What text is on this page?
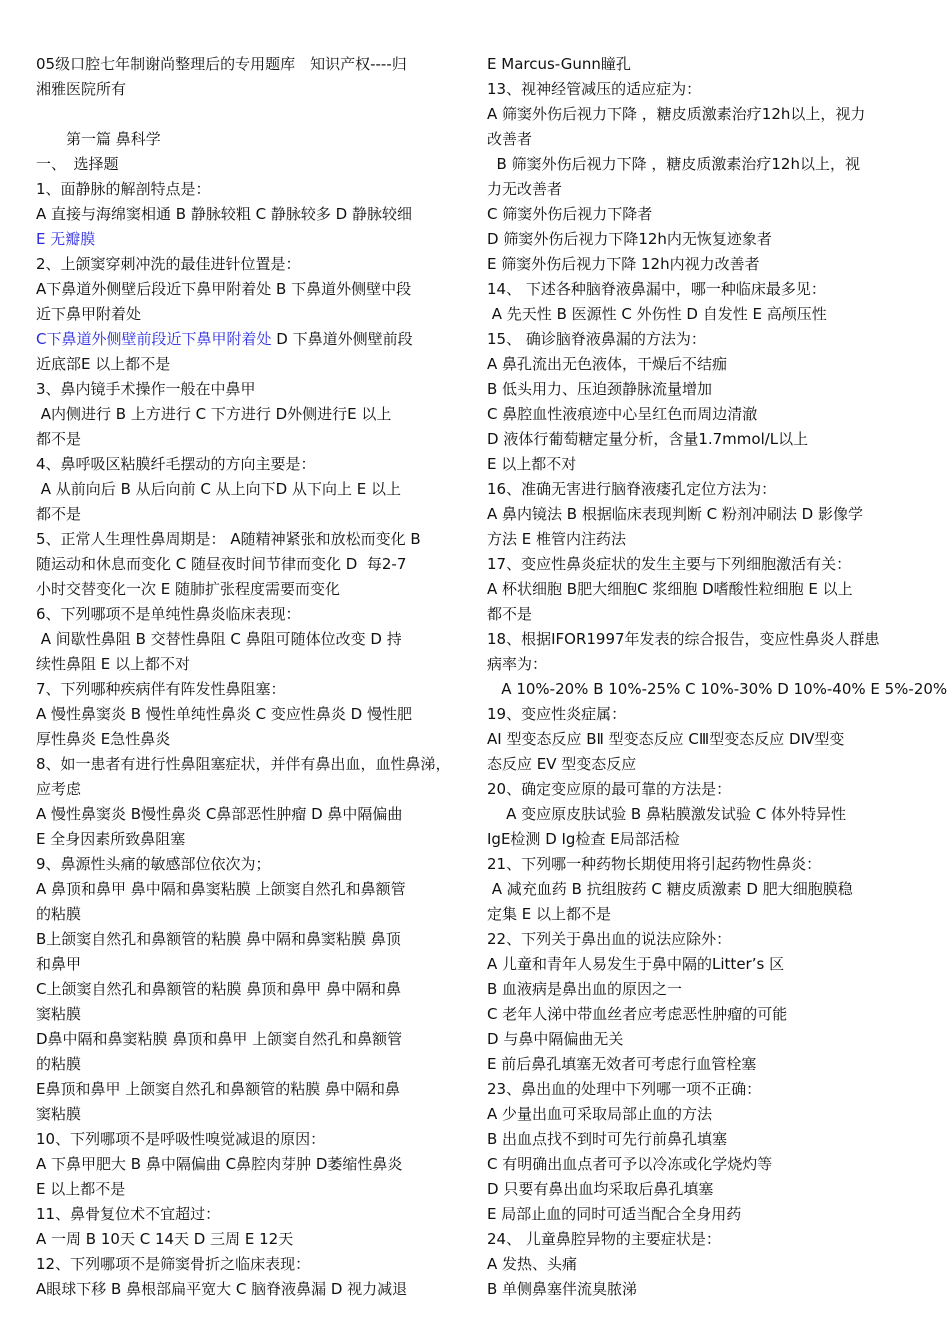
05级口腔七年制谢尚整理后的专用题库　知识产权----归
湘雅医院所有
　　第一篇 鼻科学
一、　选择题
1、面静脉的解剖特点是：
A 直接与海绵窦相通 B 静脉较粗 C 静脉较多 D 静脉较细
E 无瓣膜
2、上颌窦穿刺冲洗的最佳进针位置是：
A下鼻道外侧壁后段近下鼻甲附着处 B 下鼻道外侧壁中段
近下鼻甲附着处
C下鼻道外侧壁前段近下鼻甲附着处 D 下鼻道外侧壁前段
近底部E 以上都不是
3、鼻内镜手术操作一般在中鼻甲
A内侧进行 B 上方进行 C 下方进行 D外侧进行E 以上
都不是
4、鼻呼吸区粘膜纤毛摆动的方向主要是：
A 从前向后 B 从后向前 C 从上向下D 从下向上 E 以上
都不是
5、正常人生理性鼻周期是： A随精神紧张和放松而变化 B
随运动和休息而变化 C 随昼夜时间节律而变化 D  每2-7
小时交替变化一次 E 随肺扩张程度需要而变化
6、下列哪项不是单纯性鼻炎临床表现：
A 间歇性鼻阻 B 交替性鼻阻 C 鼻阻可随体位改变 D 持
续性鼻阻 E 以上都不对
7、下列哪种疾病伴有阵发性鼻阻塞：
A 慢性鼻窦炎 B 慢性单纯性鼻炎 C 变应性鼻炎 D 慢性肥
厚性鼻炎 E急性鼻炎
8、如一患者有进行性鼻阻塞症状，并伴有鼻出血，血性鼻涕，
应考虑
A 慢性鼻窦炎 B慢性鼻炎 C鼻部恶性肿瘤 D 鼻中隔偏曲
E 全身因素所致鼻阻塞
9、鼻源性头痛的敏感部位依次为；
A 鼻顶和鼻甲 鼻中隔和鼻窦粘膜 上颌窦自然孔和鼻额管
的粘膜
B上颌窦自然孔和鼻额管的粘膜 鼻中隔和鼻窦粘膜 鼻顶
和鼻甲
C上颌窦自然孔和鼻额管的粘膜 鼻顶和鼻甲 鼻中隔和鼻
窦粘膜
D鼻中隔和鼻窦粘膜 鼻顶和鼻甲 上颌窦自然孔和鼻额管
的粘膜
E鼻顶和鼻甲 上颌窦自然孔和鼻额管的粘膜 鼻中隔和鼻
窦粘膜
10、下列哪项不是呼吸性嗅觉减退的原因：
A 下鼻甲肥大 B 鼻中隔偏曲 C鼻腔肉芽肿 D萎缩性鼻炎
E 以上都不是
11、鼻骨复位术不宜超过：
A 一周 B 10天 C 14天 D 三周 E 12天
12、下列哪项不是筛窦骨折之临床表现：
A眼球下移 B 鼻根部扁平宽大 C 脑脊液鼻漏 D 视力减退
E Marcus-Gunn瞳孔
13、视神经管减压的适应症为：
A 筛窦外伤后视力下降 ，糖皮质激素治疗12h以上，视力
改善者
B 筛窦外伤后视力下降 ，糖皮质激素治疗12h以上，视
力无改善者
C 筛窦外伤后视力下降者
D 筛窦外伤后视力下降12h内无恢复迹象者
E 筛窦外伤后视力下降 12h内视力改善者
14、 下述各种脑脊液鼻漏中，哪一种临床最多见：
A 先天性 B 医源性 C 外伤性 D 自发性 E 高颅压性
15、 确诊脑脊液鼻漏的方法为：
A 鼻孔流出无色液体，干燥后不结痂
B 低头用力、压迫颈静脉流量增加
C 鼻腔血性液痕迹中心呈红色而周边清澈
D 液体行葡萄糖定量分析，含量1.7mmol/L以上
E 以上都不对
16、准确无害进行脑脊液瘘孔定位方法为：
A 鼻内镜法 B 根据临床表现判断 C 粉剂冲刷法 D 影像学
方法 E 椎管内注药法
17、变应性鼻炎症状的发生主要与下列细胞激活有关：
A 杯状细胞 B肥大细胞C 浆细胞 D嗜酸性粒细胞 E 以上
都不是
18、根据IFOR1997年发表的综合报告，变应性鼻炎人群患
病率为：
A 10%-20% B 10%-25% C 10%-30% D 10%-40% E 5%-20%
19、变应性炎症属：
AⅠ 型变态反应 BⅡ 型变态反应 CⅢ型变态反应 DⅣ型变
态反应 EⅤ 型变态反应
20、确定变应原的最可靠的方法是：
A 变应原皮肤试验 B 鼻粘膜激发试验 C 体外特异性
IgE检测 D Ig检查 E局部活检
21、下列哪一种药物长期使用将引起药物性鼻炎：
A 减充血药 B 抗组胺药 C 糖皮质激素 D 肥大细胞膜稳
定集 E 以上都不是
22、下列关于鼻出血的说法应除外：
A 儿童和青年人易发生于鼻中隔的Litter’s 区
B 血液病是鼻出血的原因之一
C 老年人涕中带血丝者应考虑恶性肿瘤的可能
D 与鼻中隔偏曲无关
E 前后鼻孔填塞无效者可考虑行血管栓塞
23、鼻出血的处理中下列哪一项不正确：
A 少量出血可采取局部止血的方法
B 出血点找不到时可先行前鼻孔填塞
C 有明确出血点者可予以冷冻或化学烧灼等
D 只要有鼻出血均采取后鼻孔填塞
E 局部止血的同时可适当配合全身用药
24、 儿童鼻腔异物的主要症状是：
A 发热、头痛
B 单侧鼻塞伴流臭脓涕
